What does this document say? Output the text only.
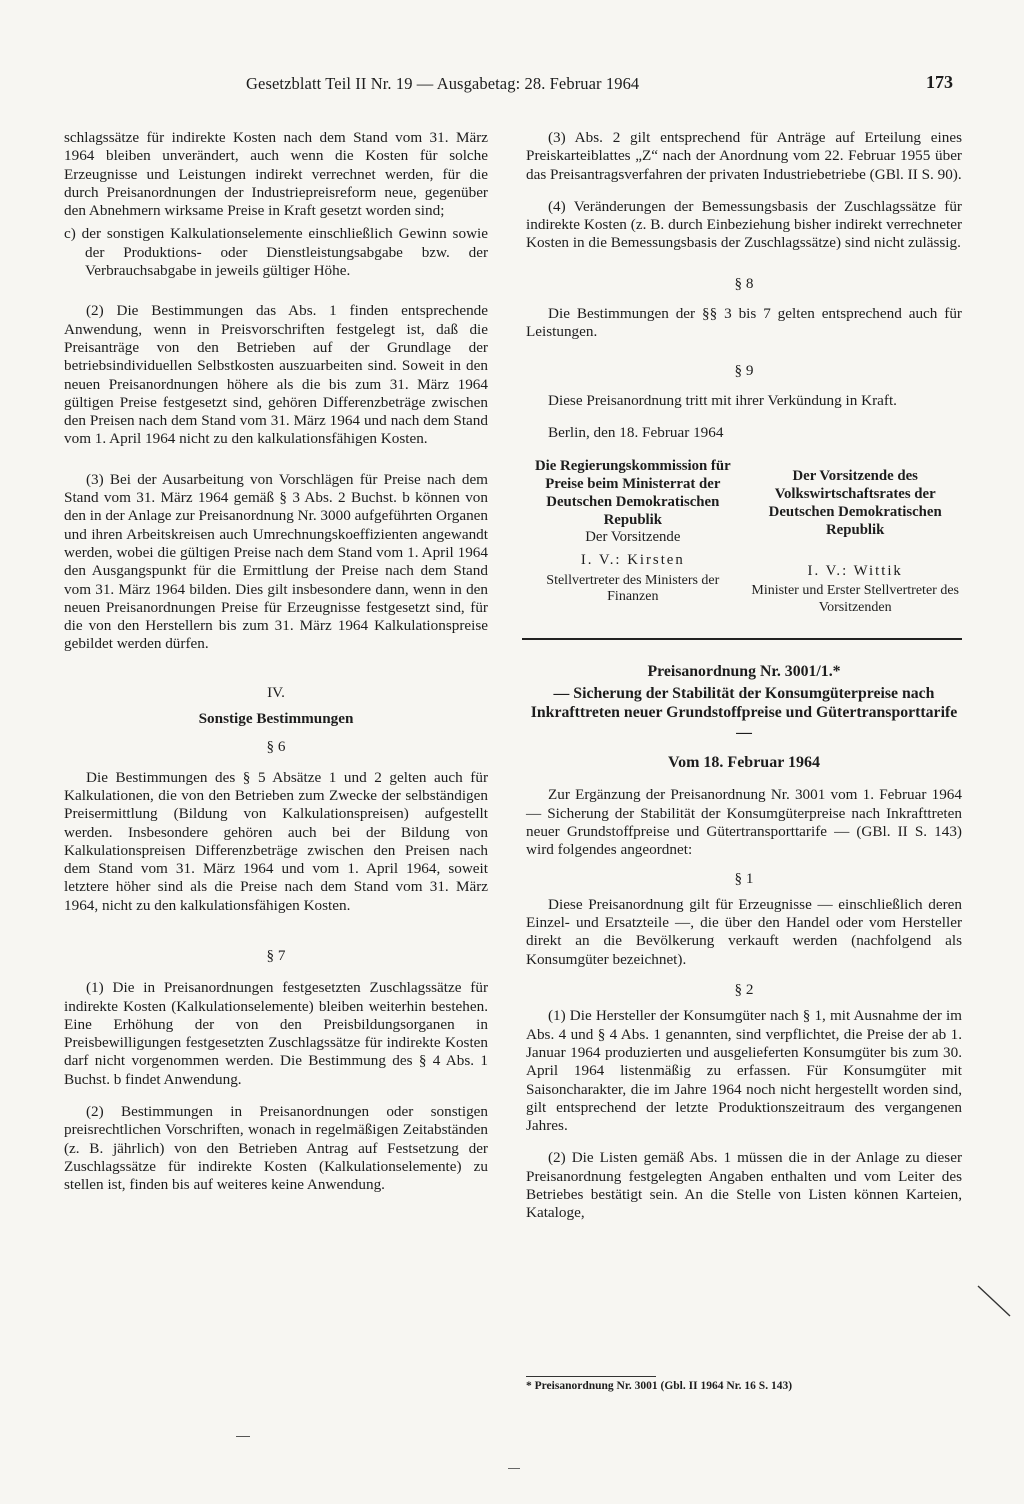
Gesetzblatt Teil II Nr. 19 — Ausgabetag: 28. Februar 1964	173

schlagssätze für indirekte Kosten nach dem Stand vom 31. März 1964 bleiben unverändert, auch wenn die Kosten für solche Erzeugnisse und Leistungen indirekt verrechnet werden, für die durch Preisanordnungen der Industriepreisreform neue, gegenüber den Abnehmern wirksame Preise in Kraft gesetzt worden sind;

c) der sonstigen Kalkulationselemente einschließlich Gewinn sowie der Produktions- oder Dienstleistungsabgabe bzw. der Verbrauchsabgabe in jeweils gültiger Höhe.

(2) Die Bestimmungen das Abs. 1 finden entsprechende Anwendung, wenn in Preisvorschriften festgelegt ist, daß die Preisanträge von den Betrieben auf der Grundlage der betriebsindividuellen Selbstkosten auszuarbeiten sind. Soweit in den neuen Preisanordnungen höhere als die bis zum 31. März 1964 gültigen Preise festgesetzt sind, gehören Differenzbeträge zwischen den Preisen nach dem Stand vom 31. März 1964 und nach dem Stand vom 1. April 1964 nicht zu den kalkulationsfähigen Kosten.

(3) Bei der Ausarbeitung von Vorschlägen für Preise nach dem Stand vom 31. März 1964 gemäß § 3 Abs. 2 Buchst. b können von den in der Anlage zur Preisanordnung Nr. 3000 aufgeführten Organen und ihren Arbeitskreisen auch Umrechnungskoeffizienten angewandt werden, wobei die gültigen Preise nach dem Stand vom 1. April 1964 den Ausgangspunkt für die Ermittlung der Preise nach dem Stand vom 31. März 1964 bilden. Dies gilt insbesondere dann, wenn in den neuen Preisanordnungen Preise für Erzeugnisse festgesetzt sind, für die von den Herstellern bis zum 31. März 1964 Kalkulationspreise gebildet werden dürfen.

IV.

Sonstige Bestimmungen

§ 6

Die Bestimmungen des § 5 Absätze 1 und 2 gelten auch für Kalkulationen, die von den Betrieben zum Zwecke der selbständigen Preisermittlung (Bildung von Kalkulationspreisen) aufgestellt werden. Insbesondere gehören auch bei der Bildung von Kalkulationspreisen Differenzbeträge zwischen den Preisen nach dem Stand vom 31. März 1964 und vom 1. April 1964, soweit letztere höher sind als die Preise nach dem Stand vom 31. März 1964, nicht zu den kalkulationsfähigen Kosten.

§ 7

(1) Die in Preisanordnungen festgesetzten Zuschlagssätze für indirekte Kosten (Kalkulationselemente) bleiben weiterhin bestehen. Eine Erhöhung der von den Preisbildungsorganen in Preisbewilligungen festgesetzten Zuschlagssätze für indirekte Kosten darf nicht vorgenommen werden. Die Bestimmung des § 4 Abs. 1 Buchst. b findet Anwendung.

(2) Bestimmungen in Preisanordnungen oder sonstigen preisrechtlichen Vorschriften, wonach in regelmäßigen Zeitabständen (z. B. jährlich) von den Betrieben Antrag auf Festsetzung der Zuschlagssätze für indirekte Kosten (Kalkulationselemente) zu stellen ist, finden bis auf weiteres keine Anwendung.

(3) Abs. 2 gilt entsprechend für Anträge auf Erteilung eines Preiskarteiblattes „Z“ nach der Anordnung vom 22. Februar 1955 über das Preisantragsverfahren der privaten Industriebetriebe (GBl. II S. 90).

(4) Veränderungen der Bemessungsbasis der Zuschlagssätze für indirekte Kosten (z. B. durch Einbeziehung bisher indirekt verrechneter Kosten in die Bemessungsbasis der Zuschlagssätze) sind nicht zulässig.

§ 8

Die Bestimmungen der §§ 3 bis 7 gelten entsprechend auch für Leistungen.

§ 9

Diese Preisanordnung tritt mit ihrer Verkündung in Kraft.

Berlin, den 18. Februar 1964

Die Regierungskommission für Preise beim Ministerrat der Deutschen Demokratischen Republik
Der Vorsitzende
I. V.: Kirsten
Stellvertreter des Ministers der Finanzen
Der Vorsitzende des Volkswirtschaftsrates der Deutschen Demokratischen Republik
I. V.: Wittik
Minister und Erster Stellvertreter des Vorsitzenden
Preisanordnung Nr. 3001/1.*
— Sicherung der Stabilität der Konsumgüterpreise nach Inkrafttreten neuer Grundstoffpreise und Gütertransporttarife —
Vom 18. Februar 1964

Zur Ergänzung der Preisanordnung Nr. 3001 vom 1. Februar 1964 — Sicherung der Stabilität der Konsumgüterpreise nach Inkrafttreten neuer Grundstoffpreise und Gütertransporttarife — (GBl. II S. 143) wird folgendes angeordnet:

§ 1

Diese Preisanordnung gilt für Erzeugnisse — einschließlich deren Einzel- und Ersatzteile —, die über den Handel oder vom Hersteller direkt an die Bevölkerung verkauft werden (nachfolgend als Konsumgüter bezeichnet).

§ 2

(1) Die Hersteller der Konsumgüter nach § 1, mit Ausnahme der im Abs. 4 und § 4 Abs. 1 genannten, sind verpflichtet, die Preise der ab 1. Januar 1964 produzierten und ausgelieferten Konsumgüter bis zum 30. April 1964 listenmäßig zu erfassen. Für Konsumgüter mit Saisoncharakter, die im Jahre 1964 noch nicht hergestellt worden sind, gilt entsprechend der letzte Produktionszeitraum des vergangenen Jahres.

(2) Die Listen gemäß Abs. 1 müssen die in der Anlage zu dieser Preisanordnung festgelegten Angaben enthalten und vom Leiter des Betriebes bestätigt sein. An die Stelle von Listen können Karteien, Kataloge,

* Preisanordnung Nr. 3001 (Gbl. II 1964 Nr. 16 S. 143)
